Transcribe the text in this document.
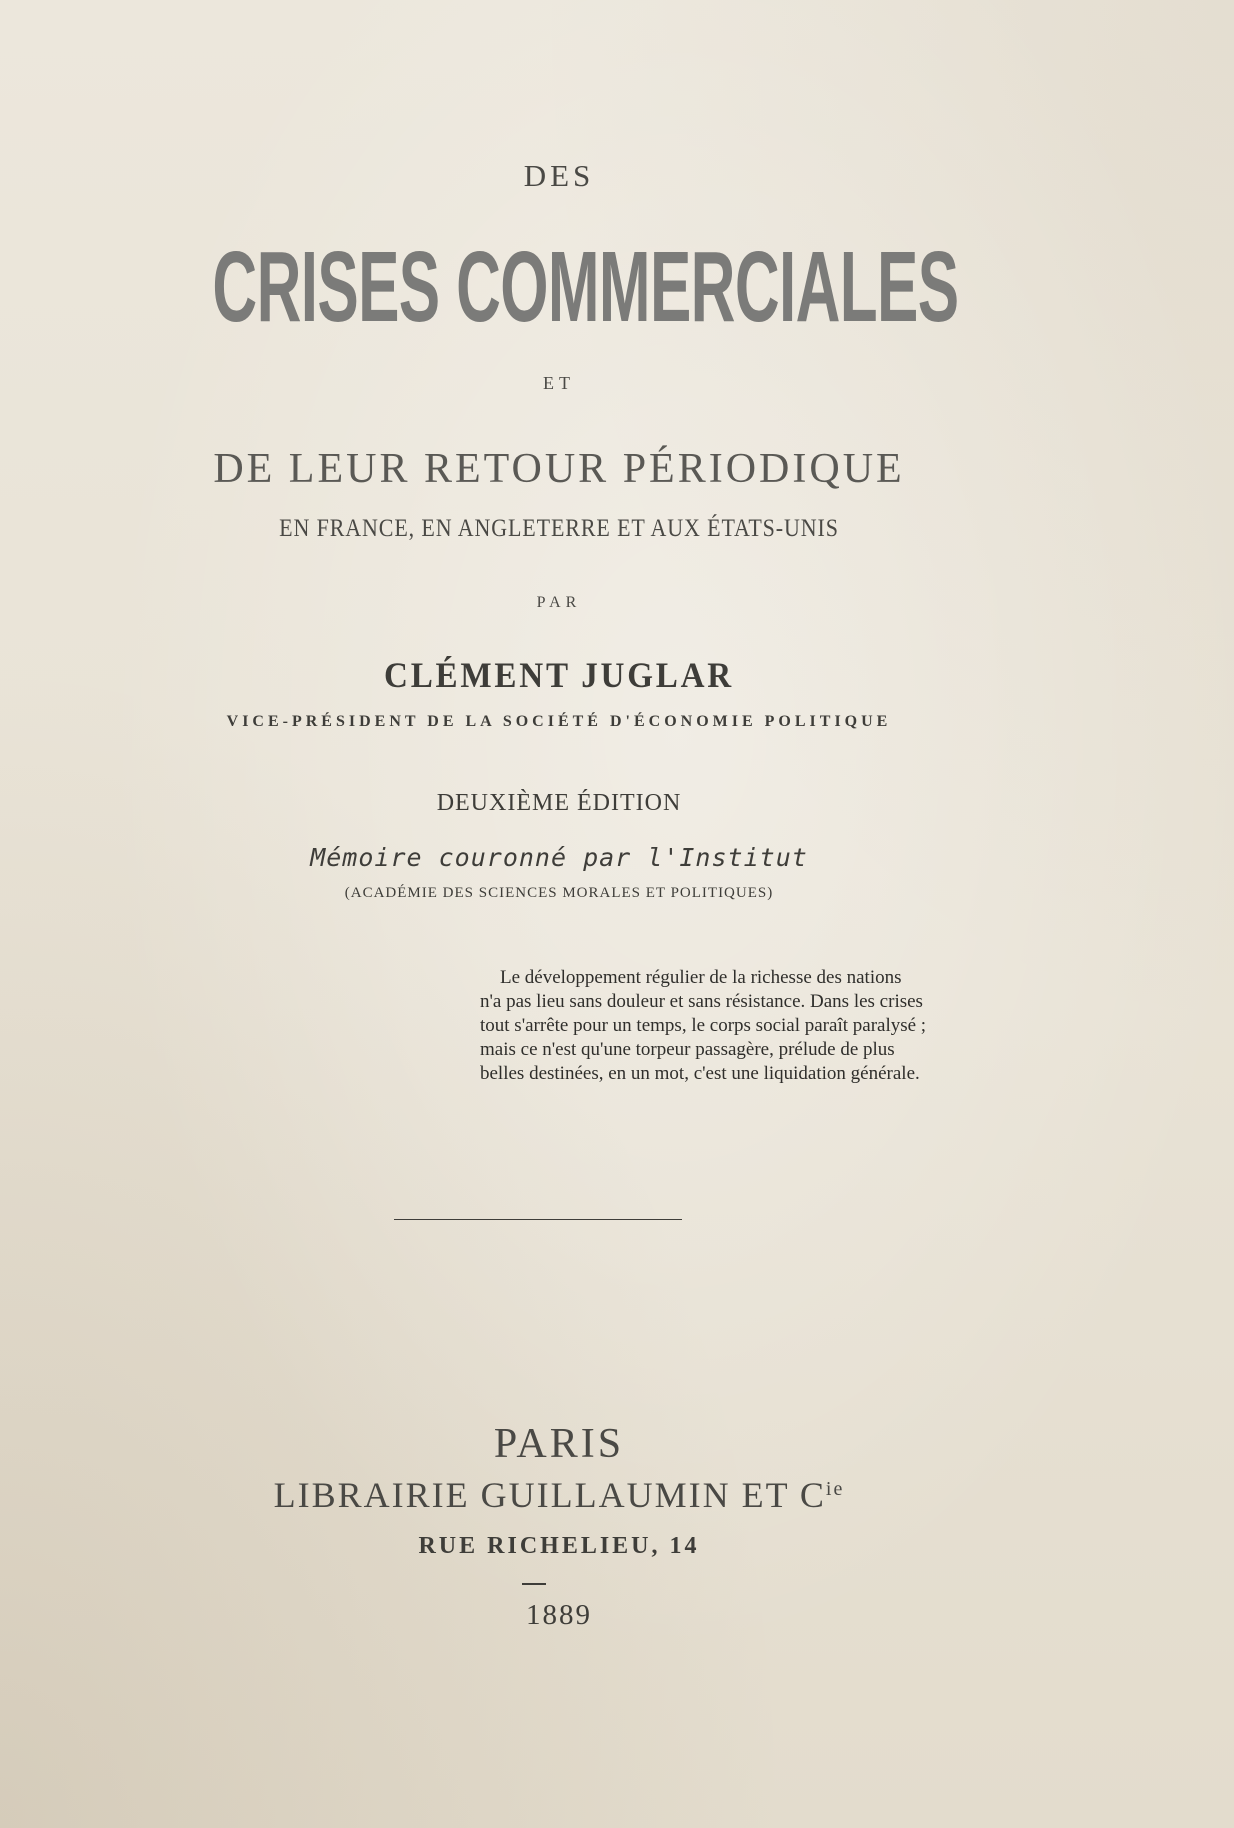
DES

CRISES COMMERCIALES

ET

DE LEUR RETOUR PÉRIODIQUE

EN FRANCE, EN ANGLETERRE ET AUX ÉTATS-UNIS

PAR

CLÉMENT JUGLAR

VICE-PRÉSIDENT DE LA SOCIÉTÉ D'ÉCONOMIE POLITIQUE

DEUXIÈME ÉDITION

Mémoire couronné par l'Institut

(ACADÉMIE DES SCIENCES MORALES ET POLITIQUES)

Le développement régulier de la richesse des nations
n'a pas lieu sans douleur et sans résistance. Dans les crises
tout s'arrête pour un temps, le corps social paraît paralysé ;
mais ce n'est qu'une torpeur passagère, prélude de plus
belles destinées, en un mot, c'est une liquidation générale.

PARIS

LIBRAIRIE GUILLAUMIN ET $C^{ie}$

RUE RICHELIEU, 14

1889
